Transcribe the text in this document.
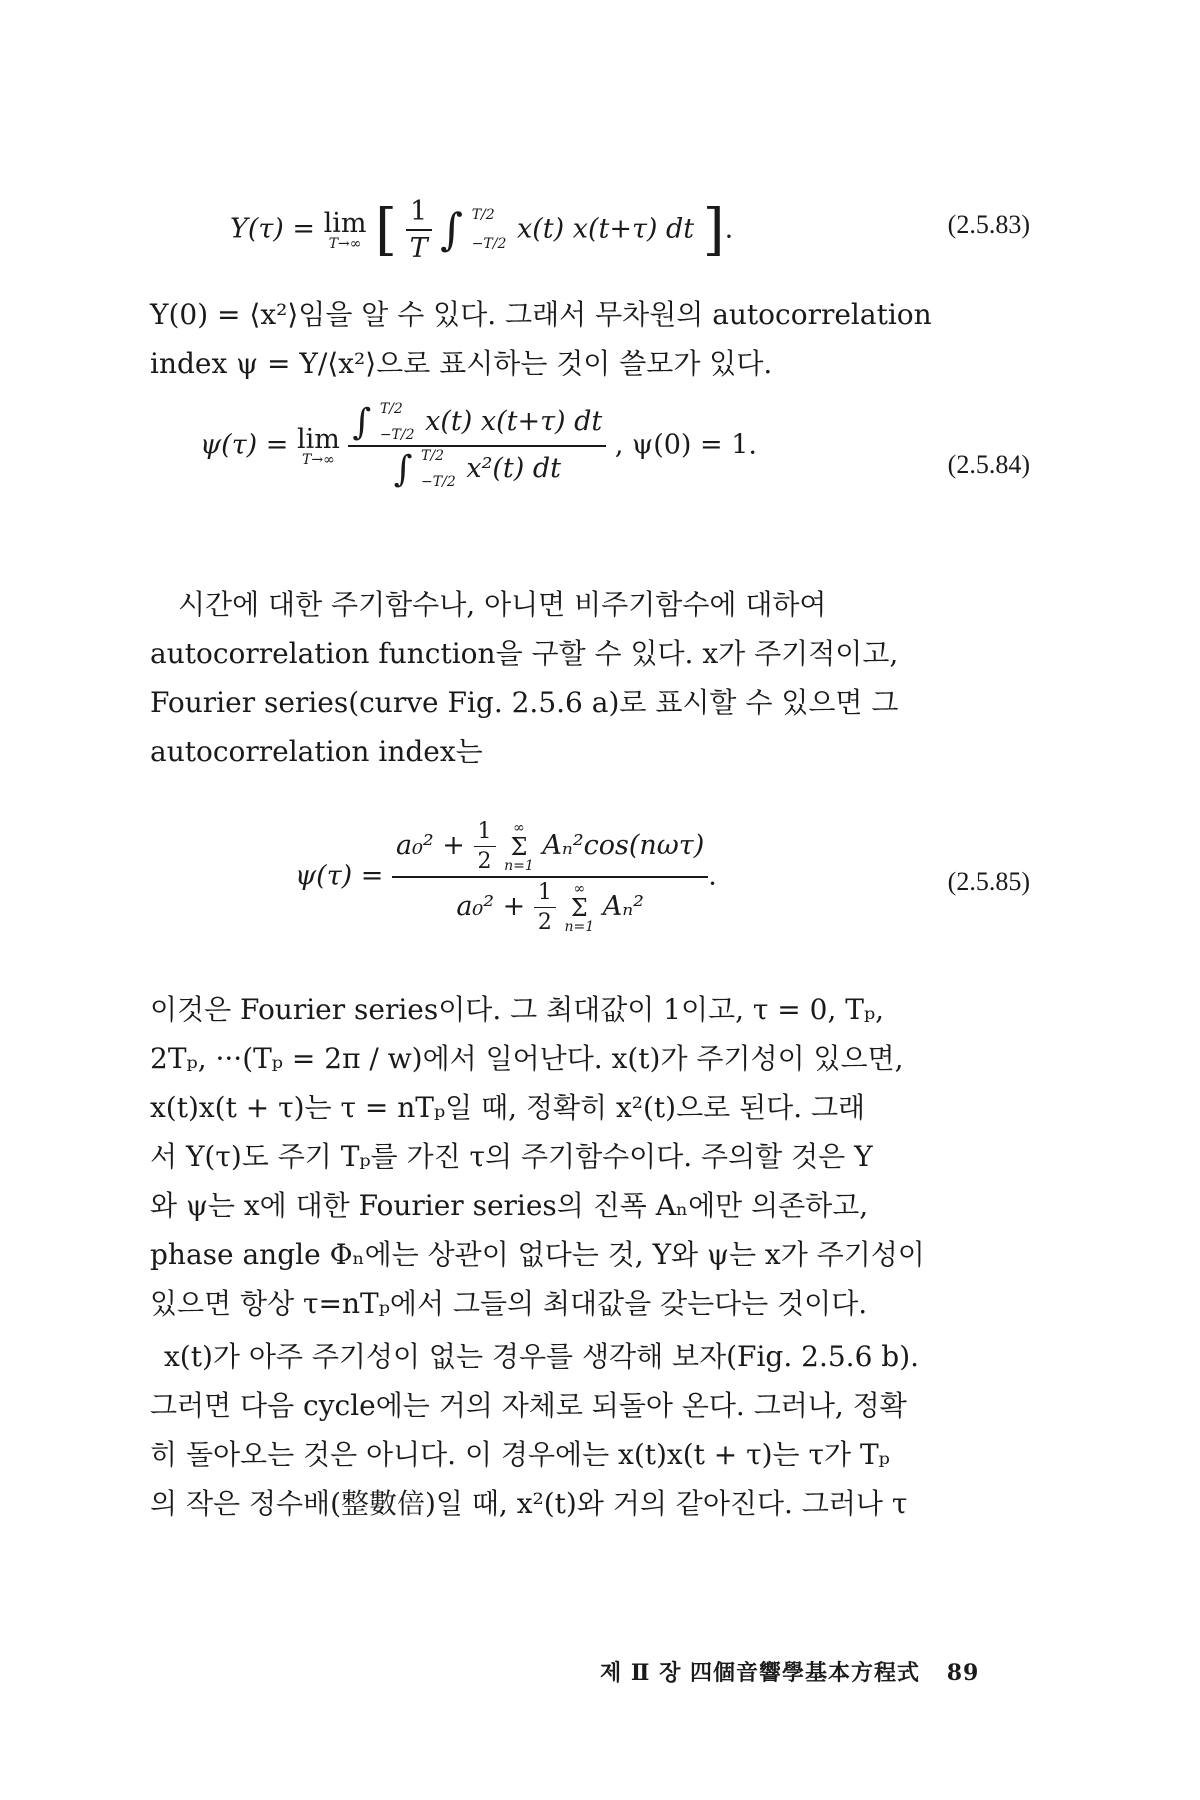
Υ(τ) = lim
T→∞ [ $\frac{1}{T}$ ∫ T/2
−T/2 x(t) x(t+τ) dt ].	(2.5.83)
Υ(0) = ⟨x²⟩임을 알 수 있다. 그래서 무차원의 autocorrelation
index ψ = Υ/⟨x²⟩으로 표시하는 것이 쓸모가 있다.
ψ(τ) = lim
T→∞

∫ T/2
−T/2 x(t) x(t+τ) dt
∫ T/2
−T/2 x²(t) dt
, ψ(0) = 1.
(2.5.84)
시간에 대한 주기함수나, 아니면 비주기함수에 대하여
autocorrelation function을 구할 수 있다. x가 주기적이고,
Fourier series(curve Fig. 2.5.6 a)로 표시할 수 있으면 그
autocorrelation index는
ψ(τ) =
$a_0^2 + \frac{1}{2}$
	∞
Σ
n=1
Aₙ²cos(nωτ)
$a_0^2 + \frac{1}{2}$
	∞
Σ
n=1
Aₙ²
.	(2.5.85)
이것은 Fourier series이다. 그 최대값이 1이고, τ = 0, Tₚ,
2Tₚ, ···(Tₚ = 2π / w)에서 일어난다. x(t)가 주기성이 있으면,
x(t)x(t + τ)는 τ = nTₚ일 때, 정확히 x²(t)으로 된다. 그래
서 Υ(τ)도 주기 Tₚ를 가진 τ의 주기함수이다. 주의할 것은 Υ
와 ψ는 x에 대한 Fourier series의 진폭 Aₙ에만 의존하고,
phase angle Φₙ에는 상관이 없다는 것, Υ와 ψ는 x가 주기성이
있으면 항상 τ=nTₚ에서 그들의 최대값을 갖는다는 것이다.
x(t)가 아주 주기성이 없는 경우를 생각해 보자(Fig. 2.5.6 b).
그러면 다음 cycle에는 거의 자체로 되돌아 온다. 그러나, 정확
히 돌아오는 것은 아니다. 이 경우에는 x(t)x(t + τ)는 τ가 Tₚ
의 작은 정수배(整數倍)일 때, x²(t)와 거의 같아진다. 그러나 τ
제 Ⅱ 장 四個音響學基本方程式 89
